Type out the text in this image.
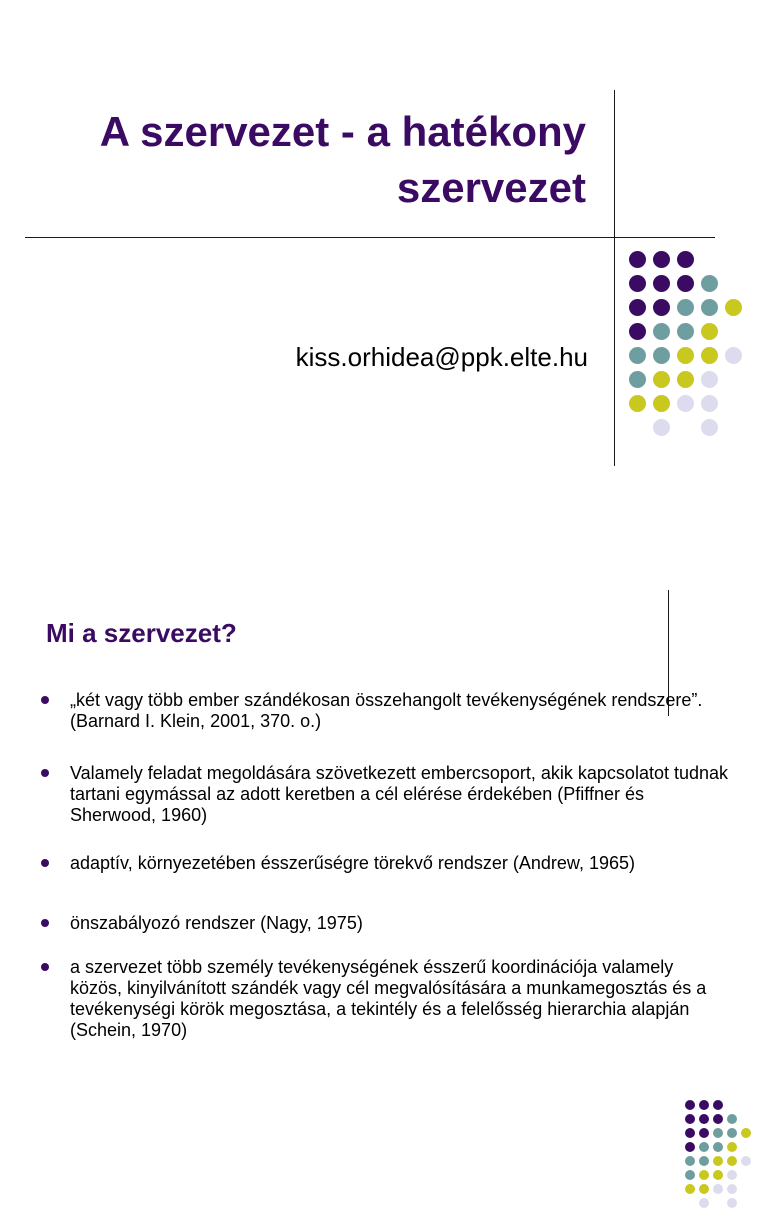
A szervezet - a hatékony
szervezet

kiss.orhidea@ppk.elte.hu

Mi a szervezet?
„két vagy több ember szándékosan összehangolt tevékenységének rendszere”. (Barnard I. Klein, 2001, 370. o.)
Valamely feladat megoldására szövetkezett embercsoport, akik kapcsolatot tudnak tartani egymással az adott keretben a cél elérése érdekében (Pfiffner és Sherwood, 1960)
adaptív, környezetében ésszerűségre törekvő rendszer (Andrew, 1965)
önszabályozó rendszer (Nagy, 1975)
a szervezet több személy tevékenységének ésszerű koordinációja valamely közös, kinyilvánított szándék vagy cél megvalósítására a munkamegosztás és a tevékenységi körök megosztása, a tekintély és a felelősség hierarchia alapján (Schein, 1970)
